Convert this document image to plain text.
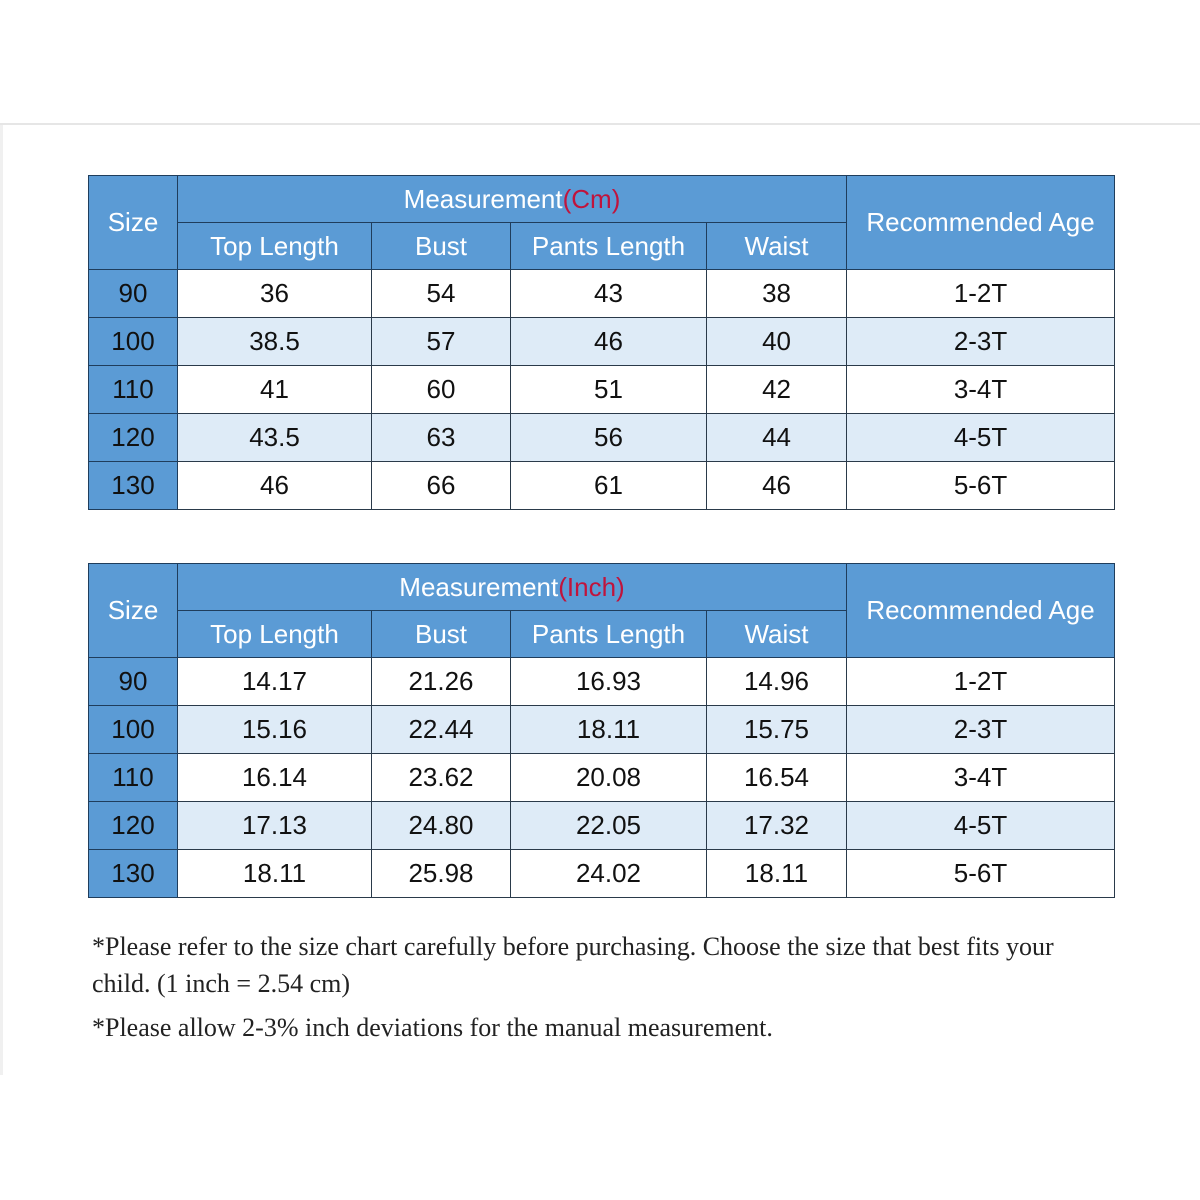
Size	Measurement(Cm)				Recommended Age
	Top Length	Bust	Pants Length	Waist	
90	36	54	43	38	1-2T
100	38.5	57	46	40	2-3T
110	41	60	51	42	3-4T
120	43.5	63	56	44	4-5T
130	46	66	61	46	5-6T
Size	Measurement(Inch)				Recommended Age
	Top Length	Bust	Pants Length	Waist	
90	14.17	21.26	16.93	14.96	1-2T
100	15.16	22.44	18.11	15.75	2-3T
110	16.14	23.62	20.08	16.54	3-4T
120	17.13	24.80	22.05	17.32	4-5T
130	18.11	25.98	24.02	18.11	5-6T

*Please refer to the size chart carefully before purchasing. Choose the size that best fits your child. (1 inch = 2.54 cm)

*Please allow 2-3% inch deviations for the manual measurement.
